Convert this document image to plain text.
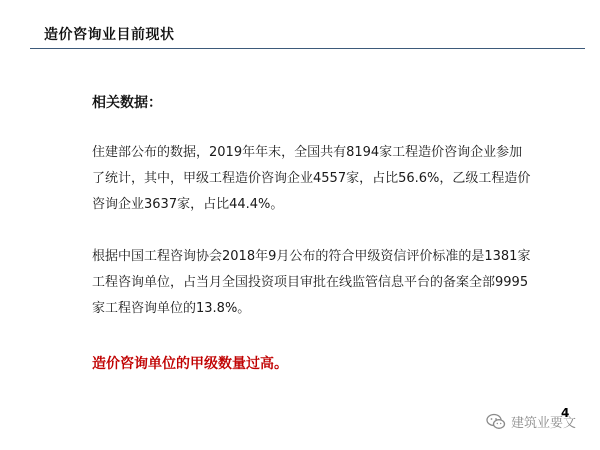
造价咨询业目前现状
相关数据：

住建部公布的数据，2019年年末，全国共有8194家工程造价咨询企业参加了统计，其中，甲级工程造价咨询企业4557家，占比56.6%，乙级工程造价咨询企业3637家，占比44.4%。

根据中国工程咨询协会2018年9月公布的符合甲级资信评价标准的是1381家工程咨询单位，占当月全国投资项目审批在线监管信息平台的备案全部9995家工程咨询单位的13.8%。

造价咨询单位的甲级数量过高。
4
建筑业要文
